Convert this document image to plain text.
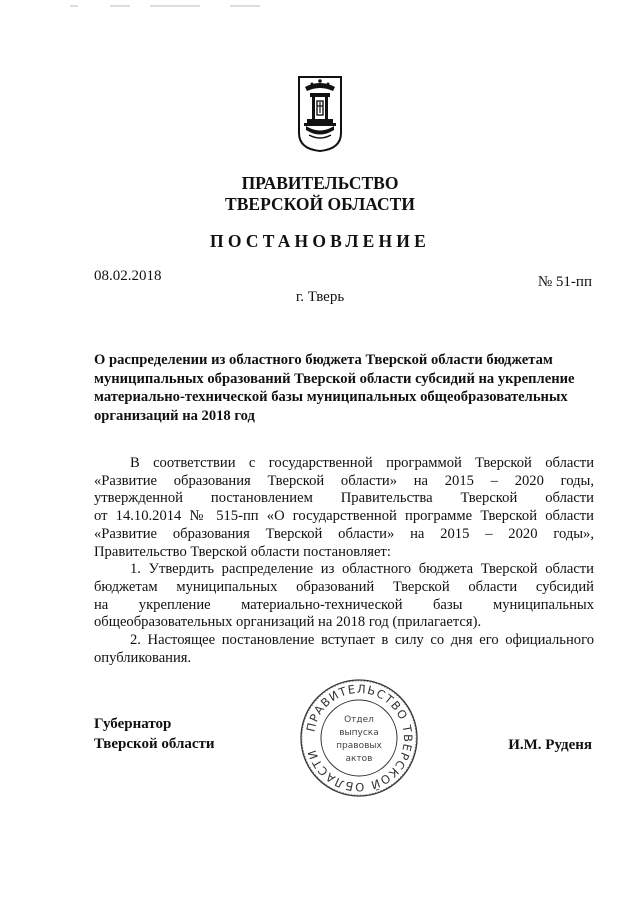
ПРАВИТЕЛЬСТВО
ТВЕРСКОЙ ОБЛАСТИ
ПОСТАНОВЛЕНИЕ
08.02.2018	№ 51-пп
г. Тверь
О распределении из областного бюджета Тверской области бюджетам
муниципальных образований Тверской области субсидий на укрепление
материально-технической базы муниципальных общеобразовательных
организаций на 2018 год
В соответствии с государственной программой Тверской области
«Развитие образования Тверской области» на 2015 – 2020 годы,
утвержденной постановлением Правительства Тверской области
от 14.10.2014 № 515-пп «О государственной программе Тверской области
«Развитие образования Тверской области» на 2015 – 2020 годы»,
Правительство Тверской области постановляет:
1. Утвердить распределение из областного бюджета Тверской области
бюджетам муниципальных образований Тверской области субсидий
на укрепление материально-технической базы муниципальных
общеобразовательных организаций на 2018 год (прилагается).
2. Настоящее постановление вступает в силу со дня его официального
опубликования.
Губернатор
Тверской области	И.М. Руденя
ПРАВИТЕЛЬСТВО ТВЕРСКОЙ ОБЛАСТИ
Отдел
выпуска
правовых
актов
